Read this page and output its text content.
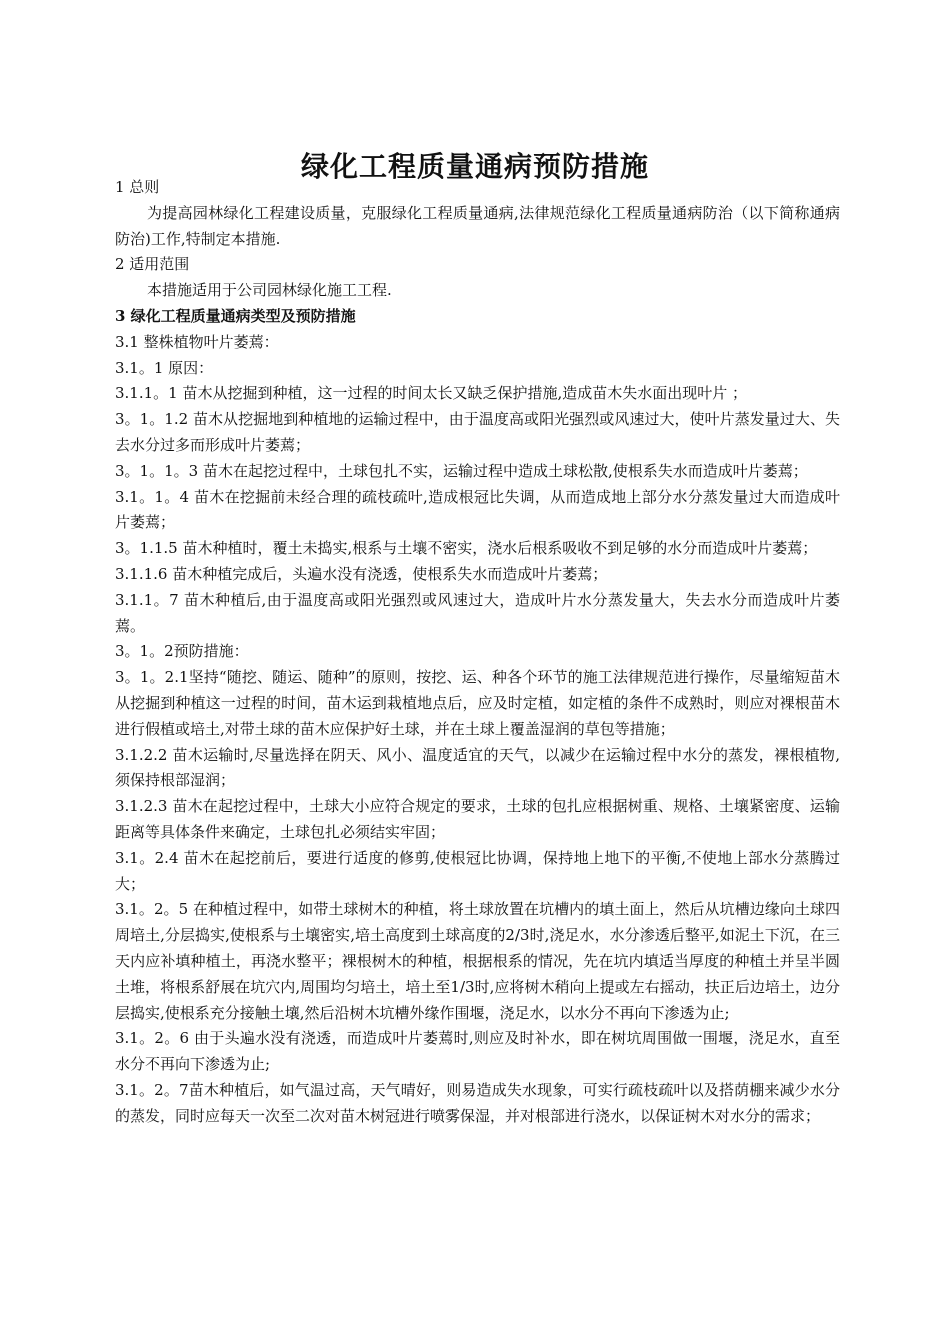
绿化工程质量通病预防措施

1 总则

为提高园林绿化工程建设质量，克服绿化工程质量通病,法律规范绿化工程质量通病防治（以下简称通病防治)工作,特制定本措施.

2 适用范围

本措施适用于公司园林绿化施工工程.

3 绿化工程质量通病类型及预防措施

3.1 整株植物叶片萎蔫：

3.1。1 原因：

3.1.1。1 苗木从挖掘到种植，这一过程的时间太长又缺乏保护措施,造成苗木失水面出现叶片 ；

3。1。1.2 苗木从挖掘地到种植地的运输过程中，由于温度高或阳光强烈或风速过大，使叶片蒸发量过大、失去水分过多而形成叶片萎蔫；

3。1。1。3 苗木在起挖过程中，土球包扎不实，运输过程中造成土球松散,使根系失水而造成叶片萎蔫；

3.1。1。4 苗木在挖掘前未经合理的疏枝疏叶,造成根冠比失调，从而造成地上部分水分蒸发量过大而造成叶片萎蔫；

3。1.1.5 苗木种植时，覆土未捣实,根系与土壤不密实，浇水后根系吸收不到足够的水分而造成叶片萎蔫；

3.1.1.6 苗木种植完成后，头遍水没有浇透，使根系失水而造成叶片萎蔫；

3.1.1。7 苗木种植后,由于温度高或阳光强烈或风速过大，造成叶片水分蒸发量大，失去水分而造成叶片萎蔫。

3。1。2预防措施：

3。1。2.1坚持“随挖、随运、随种”的原则，按挖、运、种各个环节的施工法律规范进行操作，尽量缩短苗木从挖掘到种植这一过程的时间，苗木运到栽植地点后，应及时定植，如定植的条件不成熟时，则应对裸根苗木进行假植或培土,对带土球的苗木应保护好土球，并在土球上覆盖湿润的草包等措施；

3.1.2.2 苗木运输时,尽量选择在阴天、风小、温度适宜的天气，以减少在运输过程中水分的蒸发，裸根植物,须保持根部湿润；

3.1.2.3 苗木在起挖过程中，土球大小应符合规定的要求，土球的包扎应根据树重、规格、土壤紧密度、运输距离等具体条件来确定，土球包扎必须结实牢固；

3.1。2.4 苗木在起挖前后，要进行适度的修剪,使根冠比协调，保持地上地下的平衡,不使地上部水分蒸腾过大；

3.1。2。5 在种植过程中，如带土球树木的种植，将土球放置在坑槽内的填土面上，然后从坑槽边缘向土球四周培土,分层捣实,使根系与土壤密实,培土高度到土球高度的2/3时,浇足水，水分渗透后整平,如泥土下沉，在三天内应补填种植土，再浇水整平；裸根树木的种植，根据根系的情况，先在坑内填适当厚度的种植土并呈半圆土堆，将根系舒展在坑穴内,周围均匀培土，培土至1/3时,应将树木稍向上提或左右摇动，扶正后边培土，边分层捣实,使根系充分接触土壤,然后沿树木坑槽外缘作围堰，浇足水，以水分不再向下渗透为止;

3.1。2。6 由于头遍水没有浇透，而造成叶片萎蔫时,则应及时补水，即在树坑周围做一围堰，浇足水，直至水分不再向下渗透为止;

3.1。2。7苗木种植后，如气温过高，天气晴好，则易造成失水现象，可实行疏枝疏叶以及搭荫棚来减少水分的蒸发，同时应每天一次至二次对苗木树冠进行喷雾保湿，并对根部进行浇水，以保证树木对水分的需求；
